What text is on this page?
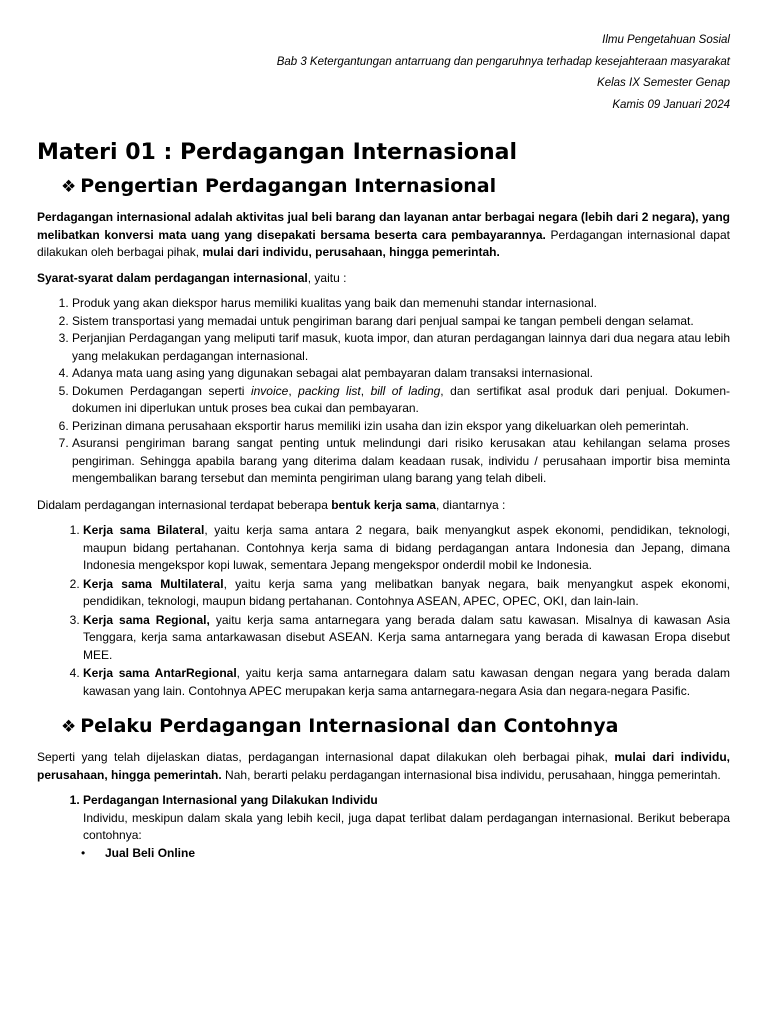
Ilmu Pengetahuan Sosial
Bab 3 Ketergantungan antarruang dan pengaruhnya terhadap kesejahteraan masyarakat
Kelas IX Semester Genap
Kamis 09 Januari 2024
Materi 01 : Perdagangan Internasional
❖ Pengertian Perdagangan Internasional

Perdagangan internasional adalah aktivitas jual beli barang dan layanan antar berbagai negara (lebih dari 2 negara), yang melibatkan konversi mata uang yang disepakati bersama beserta cara pembayarannya. Perdagangan internasional dapat dilakukan oleh berbagai pihak, mulai dari individu, perusahaan, hingga pemerintah.

Syarat-syarat dalam perdagangan internasional, yaitu :

1. Produk yang akan diekspor harus memiliki kualitas yang baik dan memenuhi standar internasional.
2. Sistem transportasi yang memadai untuk pengiriman barang dari penjual sampai ke tangan pembeli dengan selamat.
3. Perjanjian Perdagangan yang meliputi tarif masuk, kuota impor, dan aturan perdagangan lainnya dari dua negara atau lebih yang melakukan perdagangan internasional.
4. Adanya mata uang asing yang digunakan sebagai alat pembayaran dalam transaksi internasional.
5. Dokumen Perdagangan seperti invoice, packing list, bill of lading, dan sertifikat asal produk dari penjual. Dokumen-dokumen ini diperlukan untuk proses bea cukai dan pembayaran.
6. Perizinan dimana perusahaan eksportir harus memiliki izin usaha dan izin ekspor yang dikeluarkan oleh pemerintah.
7. Asuransi pengiriman barang sangat penting untuk melindungi dari risiko kerusakan atau kehilangan selama proses pengiriman. Sehingga apabila barang yang diterima dalam keadaan rusak, individu / perusahaan importir bisa meminta mengembalikan barang tersebut dan meminta pengiriman ulang barang yang telah dibeli.

Didalam perdagangan internasional terdapat beberapa bentuk kerja sama, diantarnya :

1. Kerja sama Bilateral, yaitu kerja sama antara 2 negara, baik menyangkut aspek ekonomi, pendidikan, teknologi, maupun bidang pertahanan. Contohnya kerja sama di bidang perdagangan antara Indonesia dan Jepang, dimana Indonesia mengekspor kopi luwak, sementara Jepang mengekspor onderdil mobil ke Indonesia.
2. Kerja sama Multilateral, yaitu kerja sama yang melibatkan banyak negara, baik menyangkut aspek ekonomi, pendidikan, teknologi, maupun bidang pertahanan. Contohnya ASEAN, APEC, OPEC, OKI, dan lain-lain.
3. Kerja sama Regional, yaitu kerja sama antarnegara yang berada dalam satu kawasan. Misalnya di kawasan Asia Tenggara, kerja sama antarkawasan disebut ASEAN. Kerja sama antarnegara yang berada di kawasan Eropa disebut MEE.
4. Kerja sama AntarRegional, yaitu kerja sama antarnegara dalam satu kawasan dengan negara yang berada dalam kawasan yang lain. Contohnya APEC merupakan kerja sama antarnegara-negara Asia dan negara-negara Pasific.
❖ Pelaku Perdagangan Internasional dan Contohnya

Seperti yang telah dijelaskan diatas, perdagangan internasional dapat dilakukan oleh berbagai pihak, mulai dari individu, perusahaan, hingga pemerintah. Nah, berarti pelaku perdagangan internasional bisa individu, perusahaan, hingga pemerintah.

1. Perdagangan Internasional yang Dilakukan Individu
Individu, meskipun dalam skala yang lebih kecil, juga dapat terlibat dalam perdagangan internasional. Berikut beberapa contohnya:
• Jual Beli Online
